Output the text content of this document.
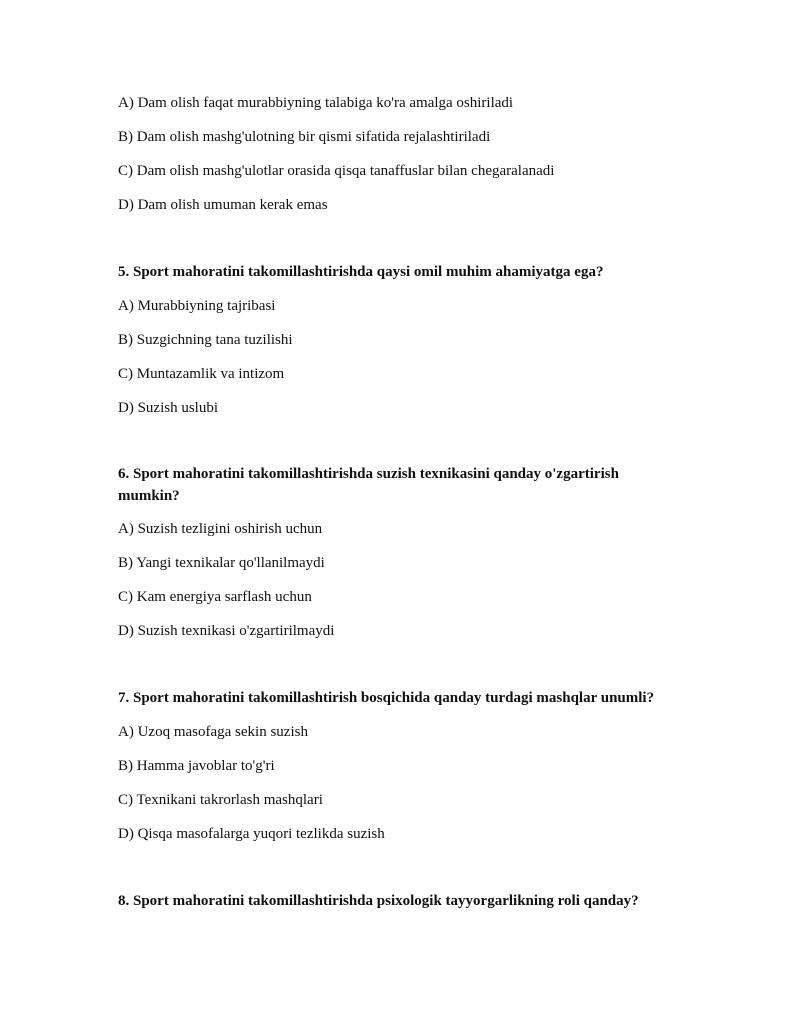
A) Dam olish faqat murabbiyning talabiga ko'ra amalga oshiriladi
B) Dam olish mashg'ulotning bir qismi sifatida rejalashtiriladi
C) Dam olish mashg'ulotlar orasida qisqa tanaffuslar bilan chegaralanadi
D) Dam olish umuman kerak emas
5. Sport mahoratini takomillashtirishda qaysi omil muhim ahamiyatga ega?
A) Murabbiyning tajribasi
B) Suzgichning tana tuzilishi
C) Muntazamlik va intizom
D) Suzish uslubi
6. Sport mahoratini takomillashtirishda suzish texnikasini qanday o'zgartirish mumkin?
A) Suzish tezligini oshirish uchun
B) Yangi texnikalar qo'llanilmaydi
C) Kam energiya sarflash uchun
D) Suzish texnikasi o'zgartirilmaydi
7. Sport mahoratini takomillashtirish bosqichida qanday turdagi mashqlar unumli?
A) Uzoq masofaga sekin suzish
B) Hamma javoblar to'g'ri
C) Texnikani takrorlash mashqlari
D) Qisqa masofalarga yuqori tezlikda suzish
8. Sport mahoratini takomillashtirishda psixologik tayyorgarlikning roli qanday?
